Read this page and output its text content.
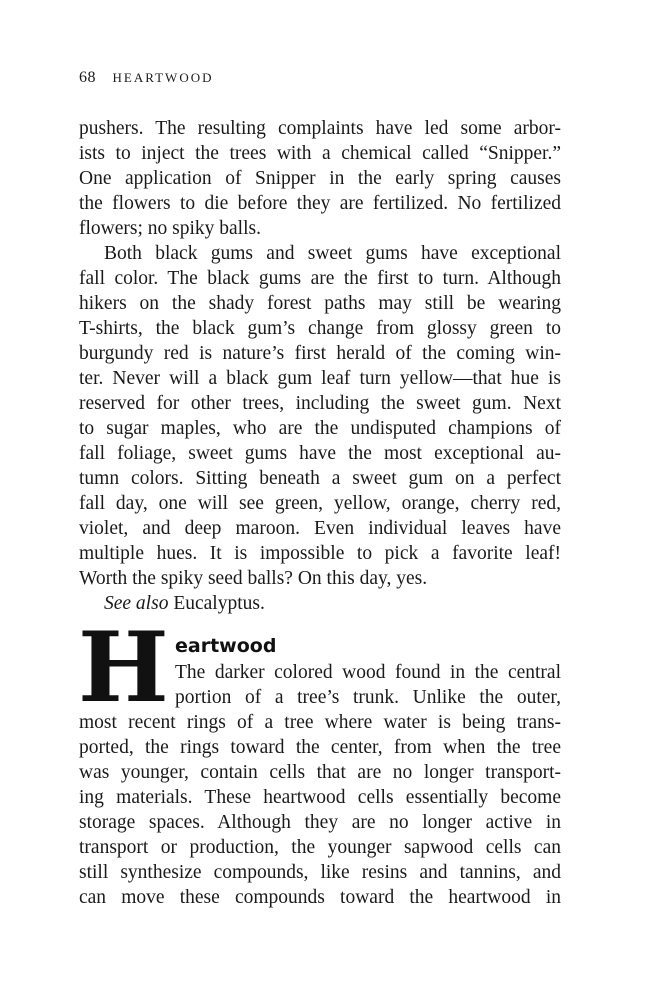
68 HEARTWOOD
pushers. The resulting complaints have led some arbor-
ists to inject the trees with a chemical called “Snipper.”
One application of Snipper in the early spring causes
the flowers to die before they are fertilized. No fertilized
flowers; no spiky balls.
Both black gums and sweet gums have exceptional
fall color. The black gums are the first to turn. Although
hikers on the shady forest paths may still be wearing
T-shirts, the black gum’s change from glossy green to
burgundy red is nature’s first herald of the coming win-
ter. Never will a black gum leaf turn yellow—that hue is
reserved for other trees, including the sweet gum. Next
to sugar maples, who are the undisputed champions of
fall foliage, sweet gums have the most exceptional au-
tumn colors. Sitting beneath a sweet gum on a perfect
fall day, one will see green, yellow, orange, cherry red,
violet, and deep maroon. Even individual leaves have
multiple hues. It is impossible to pick a favorite leaf!
Worth the spiky seed balls? On this day, yes.
See also Eucalyptus.
H eartwood
The darker colored wood found in the central
portion of a tree’s trunk. Unlike the outer,
most recent rings of a tree where water is being trans-
ported, the rings toward the center, from when the tree
was younger, contain cells that are no longer transport-
ing materials. These heartwood cells essentially become
storage spaces. Although they are no longer active in
transport or production, the younger sapwood cells can
still synthesize compounds, like resins and tannins, and
can move these compounds toward the heartwood in
